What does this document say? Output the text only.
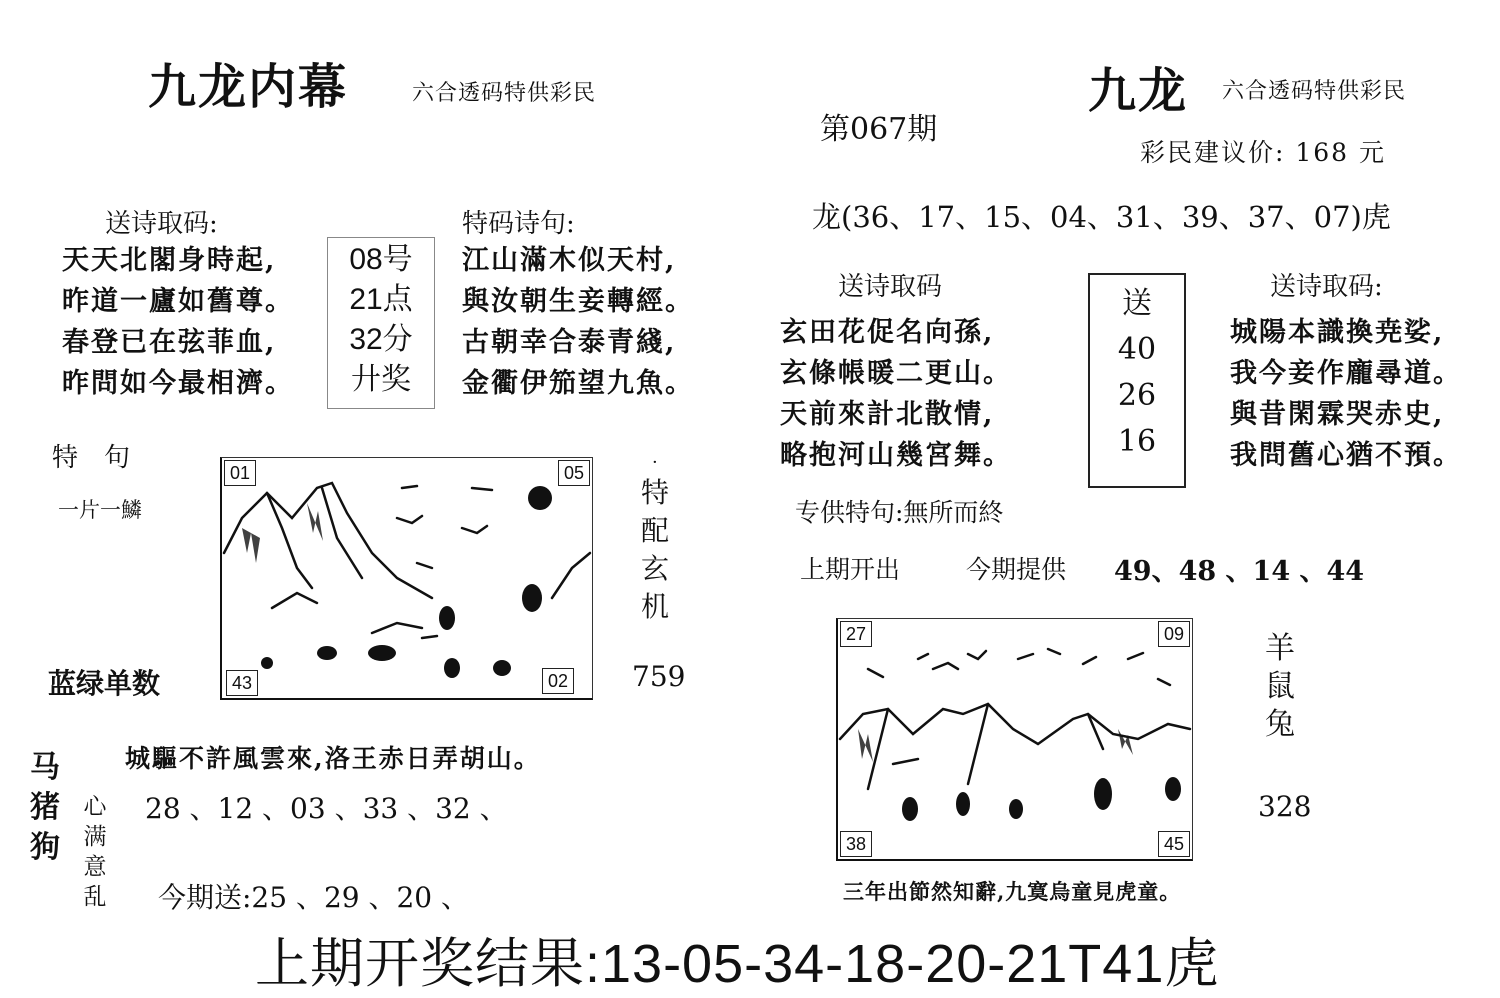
九龙内幕	六合透码特供彩民
送诗取码:
天天北閣身時起,
昨道一廬如舊尊。
春登已在弦菲血,
昨問如今最相濟。
08号
21点
32分
廾奖
特码诗句:
江山滿木似天村,
與汝朝生妾轉經。
古朝幸合泰青綫,
金衢伊笳望九魚。
特　句
一片一鱗
01	05
43	02
·
特配玄机
蓝绿单数	759
马猪狗
城驅不許風雲來,洛王赤日弄胡山。
心满意乱
28 、12 、03 、33 、32 、
今期送:25 、29 、20 、
九龙 六合透码特供彩民
第067期
彩民建议价: 168 元
龙(36、17、15、04、31、39、37、07)虎
送诗取码
玄田花促名向孫,
玄條帳暖二更山。
天前來計北散情,
略抱河山幾宮舞。
送
40
26
16
送诗取码:
城陽本識換尭娑,
我今妾作龐尋道。
與昔閑霖哭赤史,
我問舊心猶不預。
专供特句:無所而終
上期开出	今期提供 49、48 、14 、44
27	09
38	45
羊鼠兔
328
三年出節然知辭,九寞烏童見虎童。
上期开奖结果:13-05-34-18-20-21T41虎
